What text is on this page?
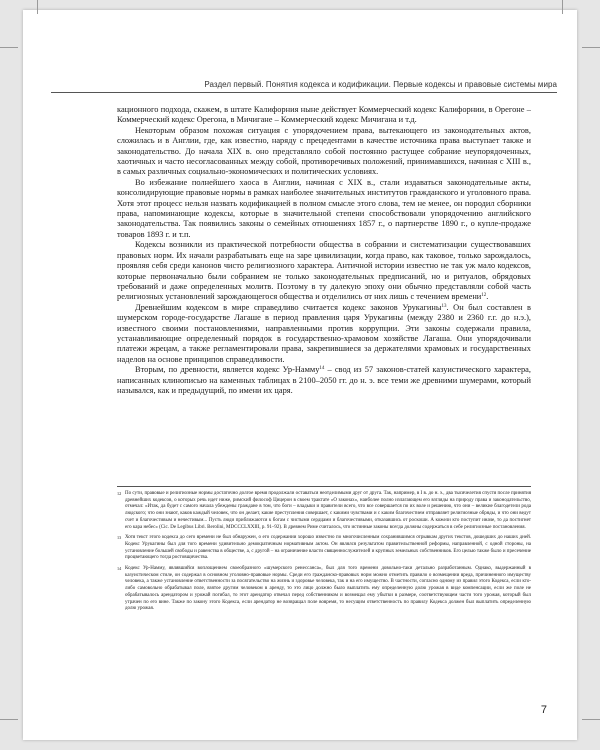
Раздел первый. Понятия кодекса и кодификации. Первые кодексы и правовые системы мира

кационного подхода, скажем, в штате Калифорния ныне действует Коммерческий кодекс Калифорнии, в Орегоне – Коммерческий кодекс Орегона, в Мичигане – Коммерческий кодекс Мичигана и т.д.

Некоторым образом похожая ситуация с упорядочением права, вытекающего из законодательных актов, сложилась и в Англии, где, как известно, наряду с прецедентами в качестве источника права выступает также и законодательство. До начала XIX в. оно представляло собой постоянно растущее собрание неупорядоченных, хаотичных и часто несогласованных между собой, противоречивых положений, принимавшихся, начиная с XIII в., в самых различных социально-экономических и политических условиях.

Во избежание полнейшего хаоса в Англии, начиная с XIX в., стали издаваться законодательные акты, консолидирующие правовые нормы в рамках наиболее значительных институтов гражданского и уголовного права. Хотя этот процесс нельзя назвать кодификацией в полном смысле этого слова, тем не менее, он породил сборники права, напоминающие кодексы, которые в значительной степени способствовали упорядочению английского законодательства. Так появились законы о семейных отношениях 1857 г., о партнерстве 1890 г., о купле-продаже товаров 1893 г. и т.п.

Кодексы возникли из практической потребности общества в собрании и систематизации существовавших правовых норм. Их начали разрабатывать еще на заре цивилизации, когда право, как таковое, только зарождалось, проявляя себя среди канонов чисто религиозного характера. Античной истории известно не так уж мало кодексов, которые первоначально были собранием не только законодательных предписаний, но и ритуалов, обрядовых требований и даже определенных молитв. Поэтому в ту далекую эпоху они обычно представляли собой часть религиозных установлений зарождающегося общества и отделились от них лишь с течением времени$^{12}$.

Древнейшим кодексом в мире справедливо считается кодекс законов Урукагины$^{13}$. Он был составлен в шумерском городе-государстве Лагаше в период правления царя Урукагины (между 2380 и 2360 г.г. до н.э.), известного своими постановлениями, направленными против коррупции. Эти законы содержали правила, устанавливающие определенный порядок в государственно-храмовом хозяйстве Лагаша. Они упорядочивали платежи жрецам, а также регламентировали права, закрепившиеся за держателями храмовых и государственных наделов на основе принципов справедливости.

Вторым, по древности, является кодекс Ур-Намму$^{14}$ – свод из 57 законов-статей казуистического характера, написанных клинописью на каменных таблицах в 2100–2050 гг. до н. э. все теми же древними шумерами, который назывался, как и предыдущий, по имени их царя.

12 По сути, правовые и религиозные нормы достаточно долгое время продолжали оставаться неотделимыми друг от друга. Так, например, в I в. до н. э., два тысячелетия спустя после принятия древнейших кодексов, о которых речь идет ниже, римский философ Цицерон в своем трактате «О законах», наиболее полно излагающем его взгляды на природу права и законодательство, отмечал: «Итак, да будет с самого начала убеждены граждане в том, что боги – владыки и правители всего, что все совершается по их воле и решению, что они – великие благодетели рода людского; что они знают, каков каждый человек, что он делает, какие преступления совершает, с какими чувствами и с каким благочестием отправляет религиозные обряды, и что они ведут счет и благочестивым и нечестивым... Пусть люди приближаются к богам с чистыми сердцами и благочестивыми, отказавшись от роскоши. А кожели кто поступит иначе, то да постигнет его кара небес» (Cic. De Legibus Libri. Berolini, MDCCCLXXIII, p. 91–92). В древнем Риме считалось, что истинные законы всегда должны содержаться в себе религиозные постановления.
13 Хотя текст этого кодекса до сего времени не был обнаружен, о его содержании хорошо известно по многочисленным сохранившимся отрывкам других текстов, дошедших до наших дней. Кодекс Урукагины был для того времени удивительно демократичным нормативным актом. Он являлся результатом правительственной реформы, направленной, с одной стороны, на установление большей свободы и равенства в обществе, а, с другой – на ограничение власти священнослужителей и крупных земельных собственников. Его целью также было и пресечение процветающего тогда ростовщичества.
14 Кодекс Ур-Намму, являвшийся воплощением своеобразного «шумерского ренессанса», был для того времени довольно-таки детально разработанным. Однако, выдержанный в казуистическом стиле, он содержал в основном уголовно-правовые нормы. Среди его гражданско-правовых норм можно отметить правило о возмещении вреда, причиненного имуществу человека, а также установление ответственности за посягательство на жизнь и здоровье человека, так и на его имущество. В частности, согласно одному из правил этого Кодекса, если кто-либо самовольно обрабатывал поле, взятое другим человеком в аренду, то это лицо должно было выплатить ему определенную долю урожая в виде компенсации, если же поле не обрабатывалось арендатором и урожай погибал, то этот арендатор отвечал перед собственником и возмещал ему убытки в размере, соответствующем части того урожая, который был утрачен по его вине. Также по закону этого Кодекса, если арендатор не возвращал поле вовремя, то несущим ответственность по правилу Кодекса должен был выплатить определенную долю урожая.
7
